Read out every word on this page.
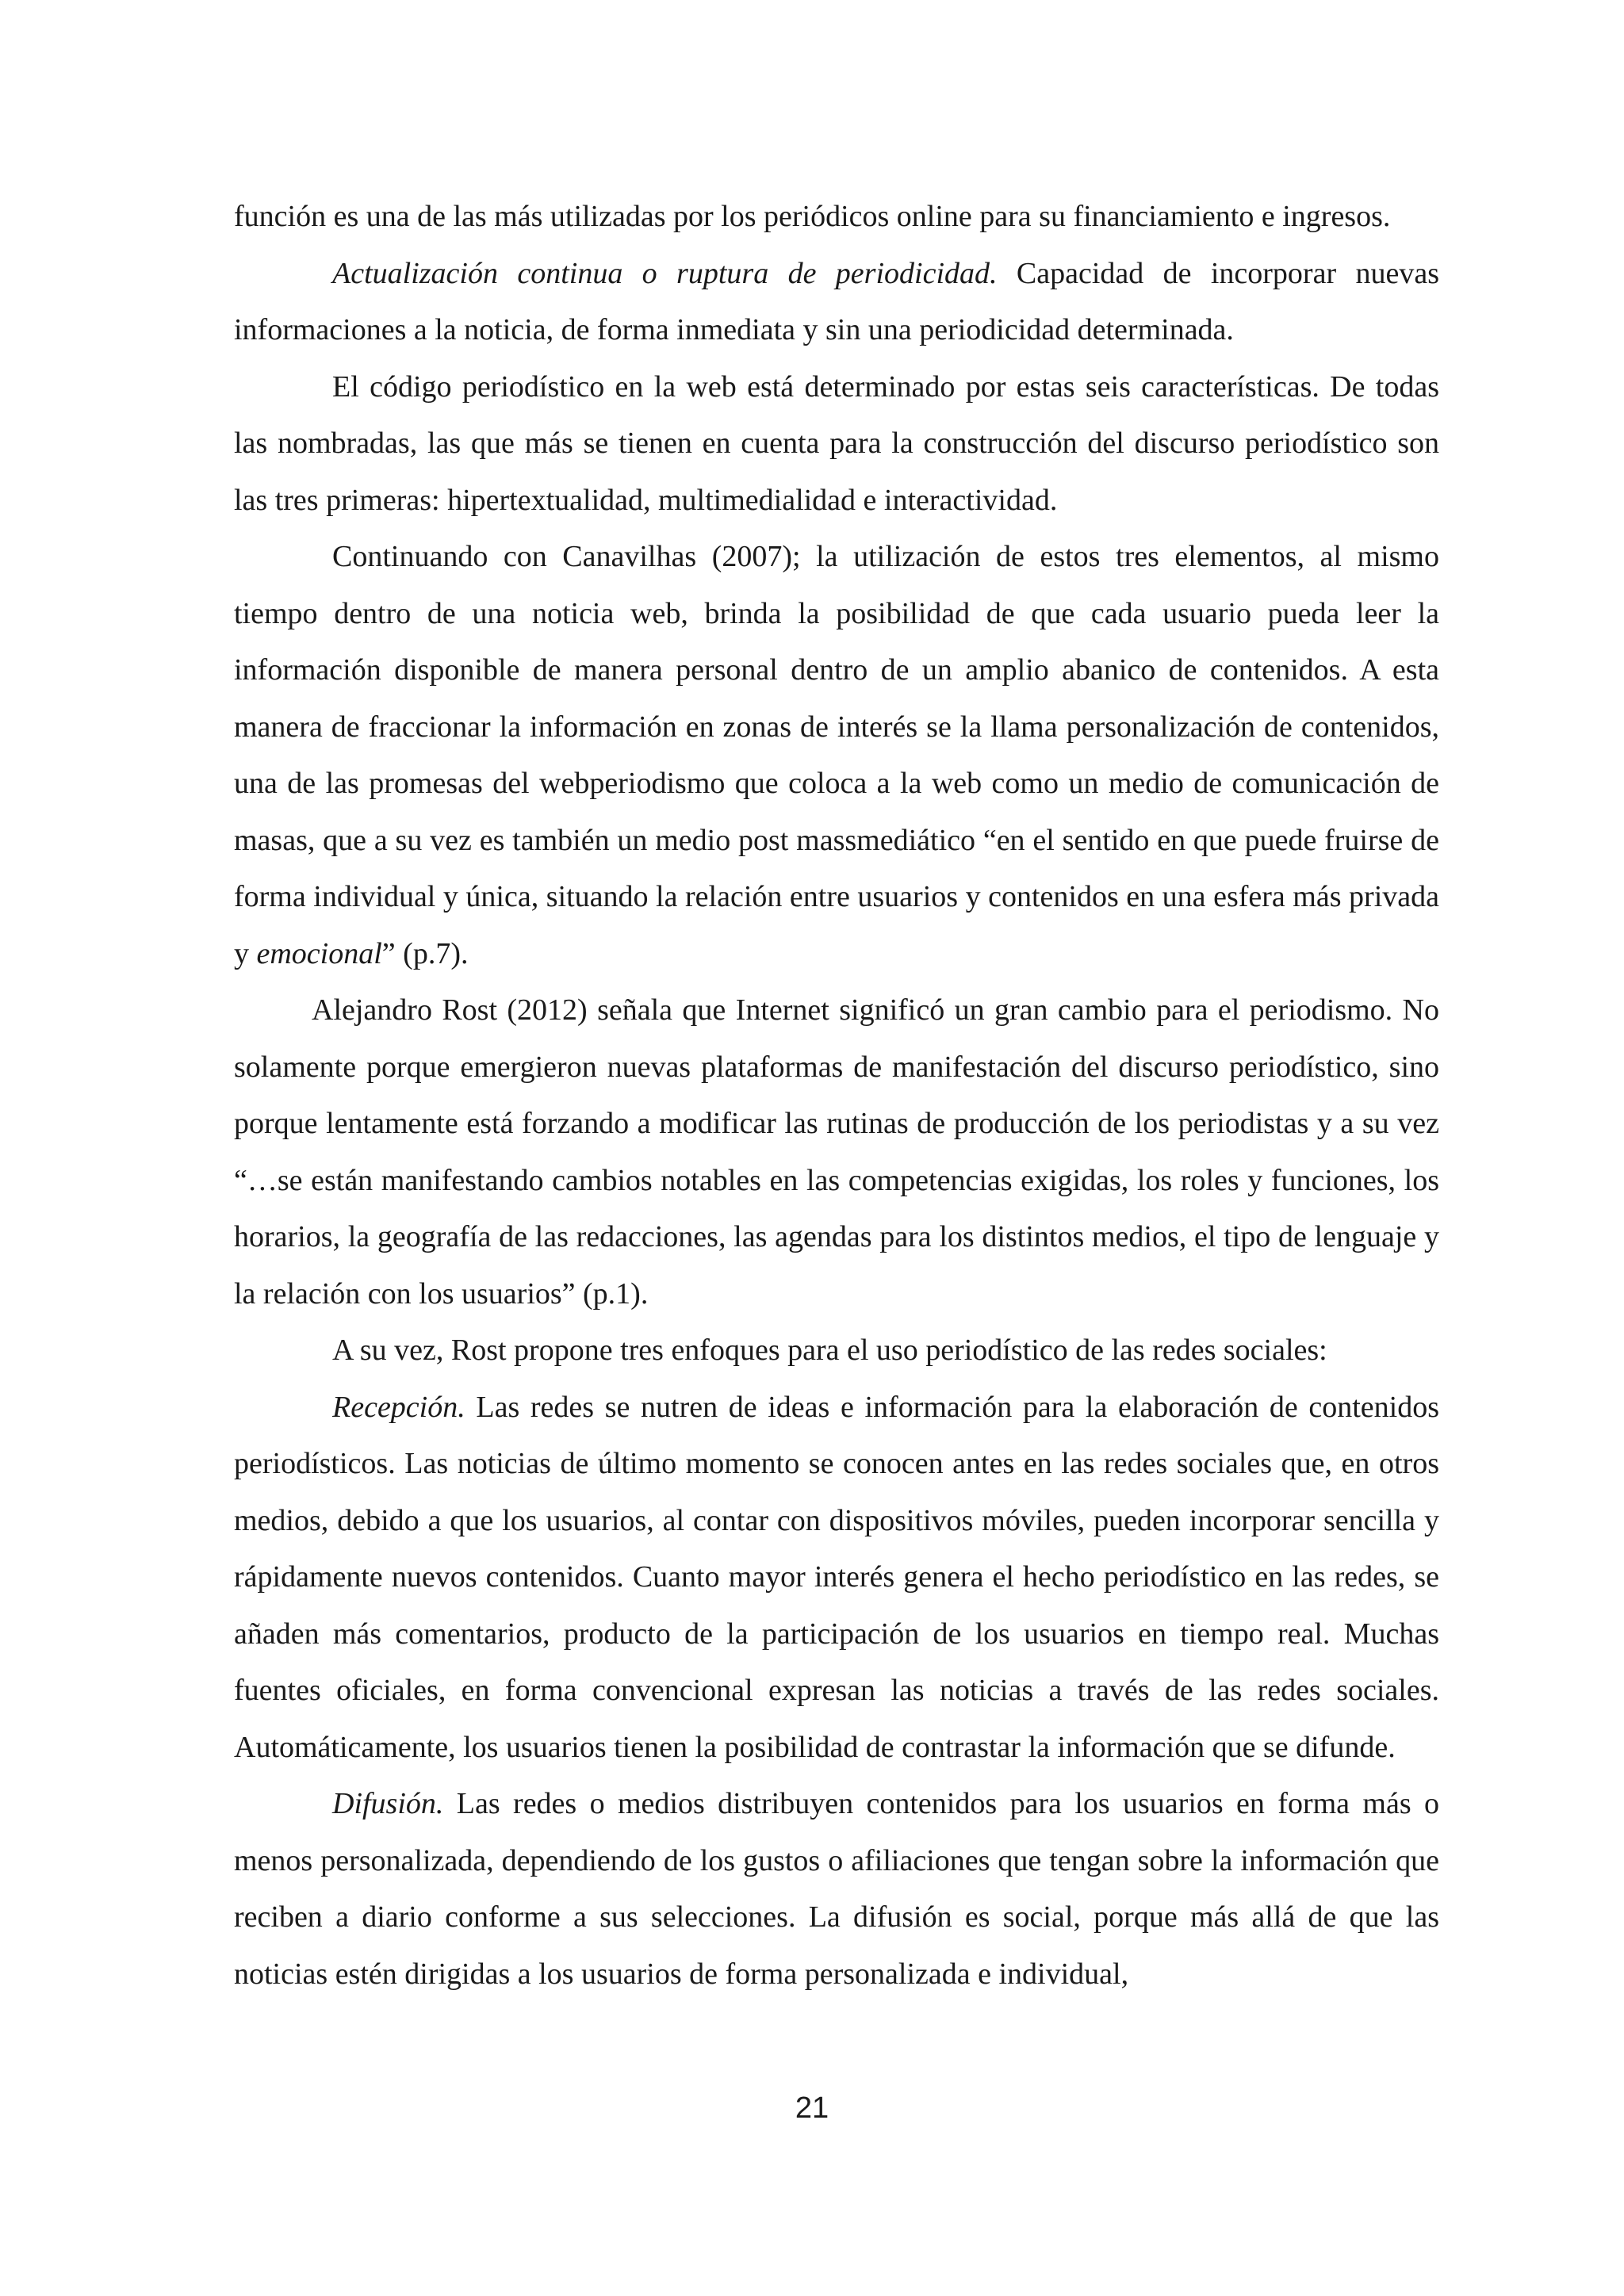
función es una de las más utilizadas por los periódicos online para su financiamiento e ingresos.

Actualización continua o ruptura de periodicidad. Capacidad de incorporar nuevas informaciones a la noticia, de forma inmediata y sin una periodicidad determinada.

El código periodístico en la web está determinado por estas seis características. De todas las nombradas, las que más se tienen en cuenta para la construcción del discurso periodístico son las tres primeras: hipertextualidad, multimedialidad e interactividad.

Continuando con Canavilhas (2007); la utilización de estos tres elementos, al mismo tiempo dentro de una noticia web, brinda la posibilidad de que cada usuario pueda leer la información disponible de manera personal dentro de un amplio abanico de contenidos. A esta manera de fraccionar la información en zonas de interés se la llama personalización de contenidos, una de las promesas del webperiodismo que coloca a la web como un medio de comunicación de masas, que a su vez es también un medio post massmediático “en el sentido en que puede fruirse de forma individual y única, situando la relación entre usuarios y contenidos en una esfera más privada y emocional” (p.7).

Alejandro Rost (2012) señala que Internet significó un gran cambio para el periodismo. No solamente porque emergieron nuevas plataformas de manifestación del discurso periodístico, sino porque lentamente está forzando a modificar las rutinas de producción de los periodistas y a su vez “…se están manifestando cambios notables en las competencias exigidas, los roles y funciones, los horarios, la geografía de las redacciones, las agendas para los distintos medios, el tipo de lenguaje y la relación con los usuarios” (p.1).

A su vez, Rost propone tres enfoques para el uso periodístico de las redes sociales:

Recepción. Las redes se nutren de ideas e información para la elaboración de contenidos periodísticos. Las noticias de último momento se conocen antes en las redes sociales que, en otros medios, debido a que los usuarios, al contar con dispositivos móviles, pueden incorporar sencilla y rápidamente nuevos contenidos. Cuanto mayor interés genera el hecho periodístico en las redes, se añaden más comentarios, producto de la participación de los usuarios en tiempo real. Muchas fuentes oficiales, en forma convencional expresan las noticias a través de las redes sociales. Automáticamente, los usuarios tienen la posibilidad de contrastar la información que se difunde.

Difusión. Las redes o medios distribuyen contenidos para los usuarios en forma más o menos personalizada, dependiendo de los gustos o afiliaciones que tengan sobre la información que reciben a diario conforme a sus selecciones. La difusión es social, porque más allá de que las noticias estén dirigidas a los usuarios de forma personalizada e individual,

21
